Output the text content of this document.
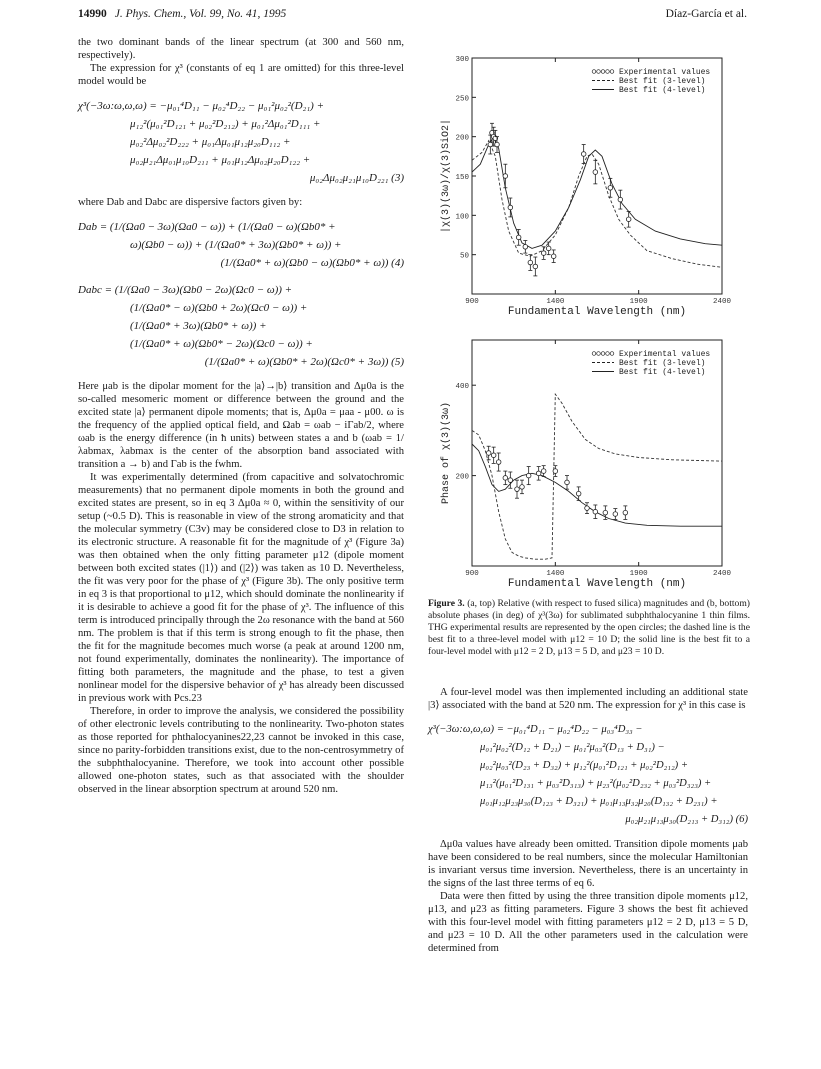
14990 J. Phys. Chem., Vol. 99, No. 41, 1995	Díaz-García et al.

the two dominant bands of the linear spectrum (at 300 and 560 nm, respectively).

The expression for χ³ (constants of eq 1 are omitted) for this three-level model would be

χ³(−3ω:ω,ω,ω) = −μ₀₁⁴D₁₁ − μ₀₂⁴D₂₂ − μ₀₁²μ₀₂²(D₂₁) +
μ₁₂²(μ₀₁²D₁₂₁ + μ₀₂²D₂₁₂) + μ₀₁²Δμ₀₁²D₁₁₁ +
μ₀₂²Δμ₀₂²D₂₂₂ + μ₀₁Δμ₀₁μ₁₂μ₂₀D₁₁₂ +
μ₀₂μ₂₁Δμ₀₁μ₁₀D₂₁₁ + μ₀₁μ₁₂Δμ₀₂μ₂₀D₁₂₂ +
μ₀₂Δμ₀₂μ₂₁μ₁₀D₂₂₁ (3)

where Dab and Dabc are dispersive factors given by:

Dab = (1/(Ωa0 − 3ω)(Ωa0 − ω)) + (1/(Ωa0 − ω)(Ωb0* +
ω)(Ωb0 − ω)) + (1/(Ωa0* + 3ω)(Ωb0* + ω)) +
(1/(Ωa0* + ω)(Ωb0 − ω)(Ωb0* + ω)) (4)
Dabc = (1/(Ωa0 − 3ω)(Ωb0 − 2ω)(Ωc0 − ω)) +
(1/(Ωa0* − ω)(Ωb0 + 2ω)(Ωc0 − ω)) +
(1/(Ωa0* + 3ω)(Ωb0* + ω)) +
(1/(Ωa0* + ω)(Ωb0* − 2ω)(Ωc0 − ω)) +
(1/(Ωa0* + ω)(Ωb0* + 2ω)(Ωc0* + 3ω)) (5)

Here μab is the dipolar moment for the |a⟩→|b⟩ transition and Δμ0a is the so-called mesomeric moment or difference between the ground and the excited state |a⟩ permanent dipole moments; that is, Δμ0a = μaa - μ00. ω is the frequency of the applied optical field, and Ωab = ωab − iΓab/2, where ωab is the energy difference (in ħ units) between states a and b (ωab = 1/λabmax, λabmax is the center of the absorption band associated with transition a → b) and Γab is the fwhm.

It was experimentally determined (from capacitive and solvatochromic measurements) that no permanent dipole moments in both the ground and excited states are present, so in eq 3 Δμ0a ≈ 0, within the sensitivity of our setup (~0.5 D). This is reasonable in view of the strong aromaticity and that the molecular symmetry (C3v) may be considered close to D3 in relation to its electronic structure. A reasonable fit for the magnitude of χ³ (Figure 3a) was then obtained when the only fitting parameter μ12 (dipole moment between both excited states (|1⟩) and (|2⟩) was taken as 10 D. Nevertheless, the fit was very poor for the phase of χ³ (Figure 3b). The only positive term in eq 3 is that proportional to μ12, which should dominate the nonlinearity if it is desirable to achieve a good fit for the phase of χ³. The influence of this term is introduced principally through the 2ω resonance with the band at 560 nm. The problem is that if this term is strong enough to fit the phase, then the fit for the magnitude becomes much worse (a peak at around 1200 nm, not found experimentally, dominates the nonlinearity). The importance of fitting both parameters, the magnitude and the phase, to test a given nonlinear model for the dispersive behavior of χ³ has already been discussed in previous work with Pcs.23

Therefore, in order to improve the analysis, we considered the possibility of other electronic levels contributing to the nonlinearity. Two-photon states as those reported for phthalocyanines22,23 cannot be invoked in this case, since no parity-forbidden transitions exist, due to the non-centrosymmetry of the subphthalocyanine. Therefore, we took into account other possible allowed one-photon states, such as that associated with the shoulder observed in the linear absorption spectrum at around 520 nm.

900	1400	1900	2400
50
100
150
200
250
300
Fundamental Wavelength (nm)
|χ(3)(3ω)/χ(3)SiO2|
Experimental values
Best fit (3-level)
Best fit (4-level)
900	1400	1900	2400
200
400
Fundamental Wavelength (nm)
Phase of χ(3)(3ω)
Experimental values
Best fit (3-level)
Best fit (4-level)
Figure 3. (a, top) Relative (with respect to fused silica) magnitudes and (b, bottom) absolute phases (in deg) of χ³(3ω) for sublimated subphthalocyanine 1 thin films. THG experimental results are represented by the open circles; the dashed line is the best fit to a three-level model with μ12 = 10 D; the solid line is the best fit to a four-level model with μ12 = 2 D, μ13 = 5 D, and μ23 = 10 D.

A four-level model was then implemented including an additional state |3⟩ associated with the band at 520 nm. The expression for χ³ in this case is

χ³(−3ω:ω,ω,ω) = −μ₀₁⁴D₁₁ − μ₀₂⁴D₂₂ − μ₀₃⁴D₃₃ −
μ₀₁²μ₀₂²(D₁₂ + D₂₁) − μ₀₁²μ₀₃²(D₁₃ + D₃₁) −
μ₀₂²μ₀₃²(D₂₃ + D₃₂) + μ₁₂²(μ₀₁²D₁₂₁ + μ₀₂²D₂₁₂) +
μ₁₃²(μ₀₁²D₁₃₁ + μ₀₃²D₃₁₃) + μ₂₃²(μ₀₂²D₂₃₂ + μ₀₃²D₃₂₃) +
μ₀₁μ₁₂μ₂₃μ₃₀(D₁₂₃ + D₃₂₁) + μ₀₁μ₁₃μ₃₂μ₂₀(D₁₃₂ + D₂₃₁) +
μ₀₂μ₂₁μ₁₃μ₃₀(D₂₁₃ + D₃₁₂) (6)

Δμ0a values have already been omitted. Transition dipole moments μab have been considered to be real numbers, since the molecular Hamiltonian is invariant versus time inversion. Nevertheless, there is an uncertainty in the signs of the last three terms of eq 6.

Data were then fitted by using the three transition dipole moments μ12, μ13, and μ23 as fitting parameters. Figure 3 shows the best fit achieved with this four-level model with fitting parameters μ12 = 2 D, μ13 = 5 D, and μ23 = 10 D. All the other parameters used in the calculation were determined from
